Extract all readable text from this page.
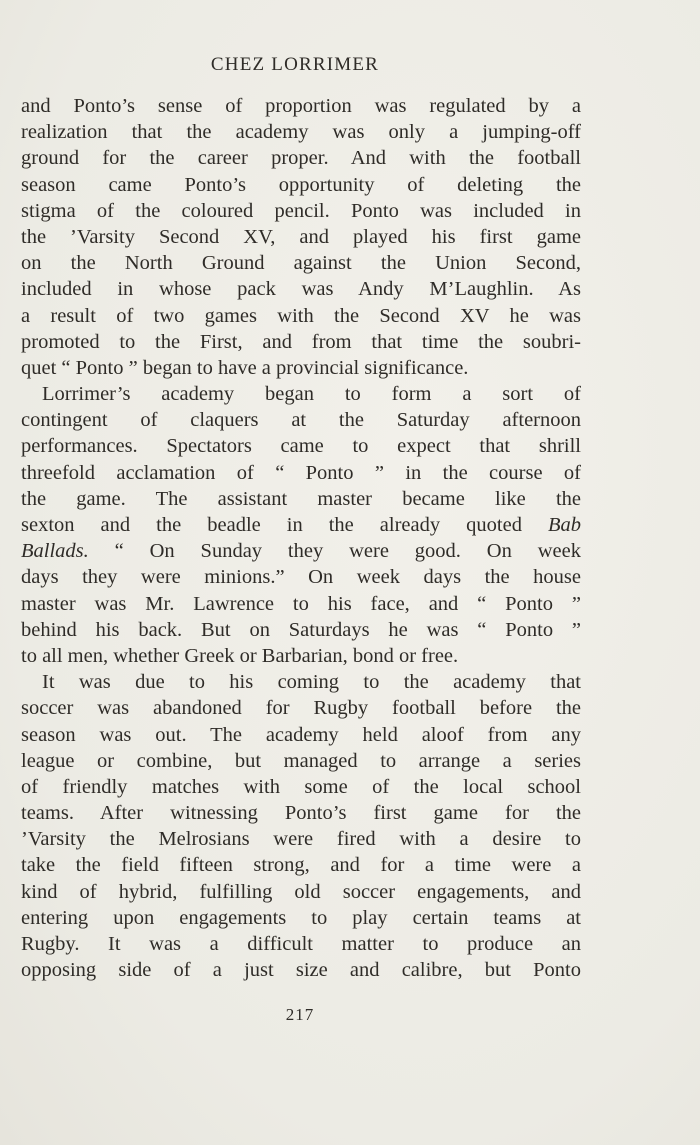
CHEZ LORRIMER
and Ponto’s sense of proportion was regulated by a
realization that the academy was only a jumping-off
ground for the career proper. And with the football
season came Ponto’s opportunity of deleting the
stigma of the coloured pencil. Ponto was included in
the ’Varsity Second XV, and played his first game
on the North Ground against the Union Second,
included in whose pack was Andy M’Laughlin. As
a result of two games with the Second XV he was
promoted to the First, and from that time the soubri-
quet “ Ponto ” began to have a provincial significance.
Lorrimer’s academy began to form a sort of
contingent of claquers at the Saturday afternoon
performances. Spectators came to expect that shrill
threefold acclamation of “ Ponto ” in the course of
the game. The assistant master became like the
sexton and the beadle in the already quoted Bab
Ballads. “ On Sunday they were good. On week
days they were minions.” On week days the house
master was Mr. Lawrence to his face, and “ Ponto ”
behind his back. But on Saturdays he was “ Ponto ”
to all men, whether Greek or Barbarian, bond or free.
It was due to his coming to the academy that
soccer was abandoned for Rugby football before the
season was out. The academy held aloof from any
league or combine, but managed to arrange a series
of friendly matches with some of the local school
teams. After witnessing Ponto’s first game for the
’Varsity the Melrosians were fired with a desire to
take the field fifteen strong, and for a time were a
kind of hybrid, fulfilling old soccer engagements, and
entering upon engagements to play certain teams at
Rugby. It was a difficult matter to produce an
opposing side of a just size and calibre, but Ponto
217
